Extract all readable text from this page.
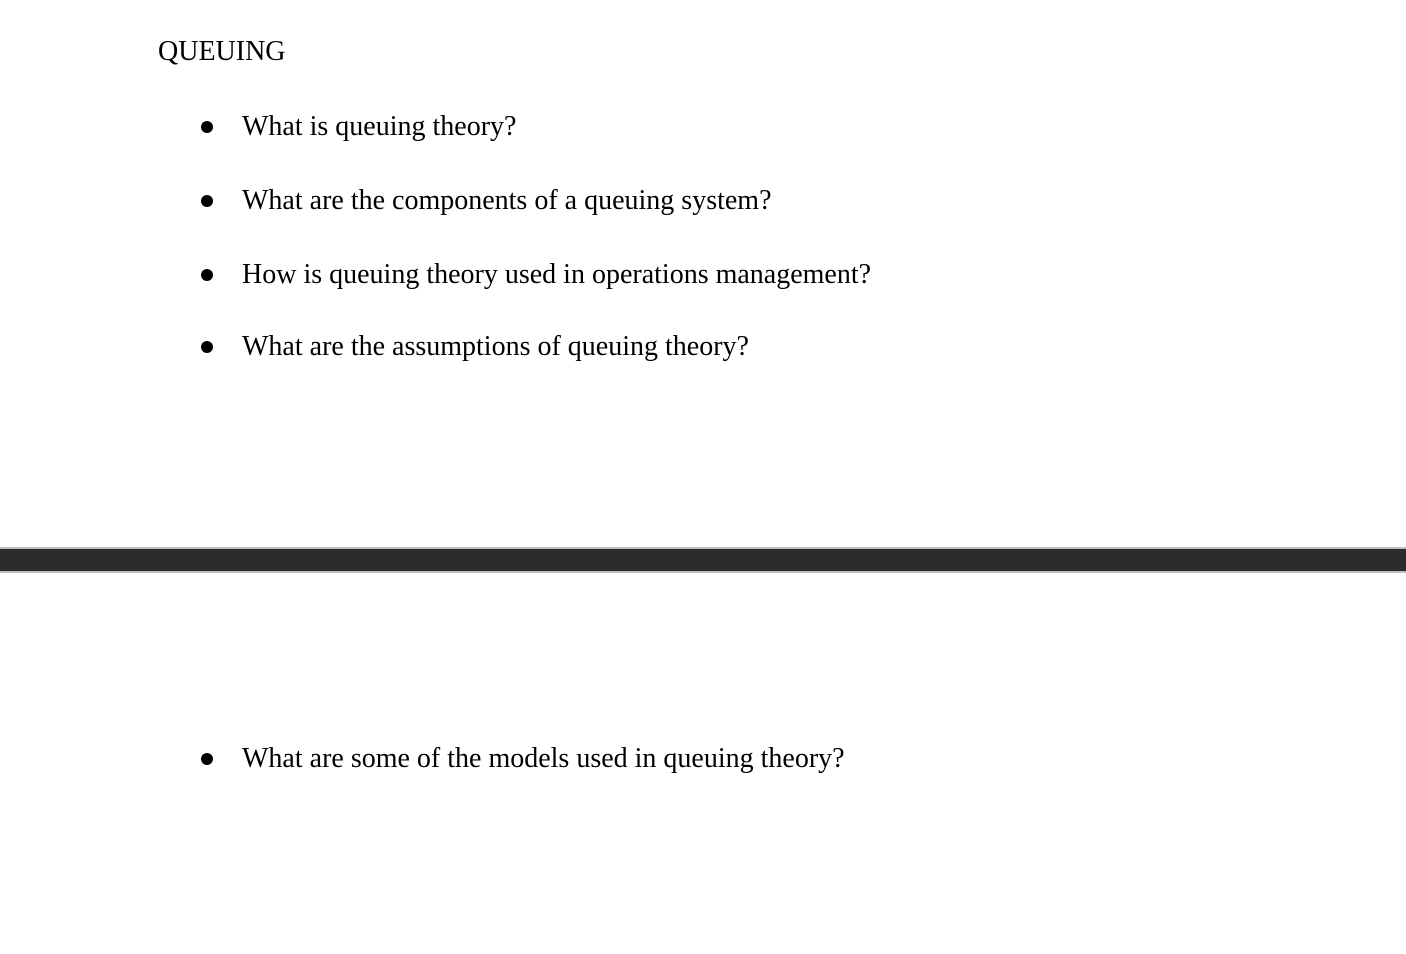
QUEUING
What is queuing theory?
What are the components of a queuing system?
How is queuing theory used in operations management?
What are the assumptions of queuing theory?
What are some of the models used in queuing theory?
